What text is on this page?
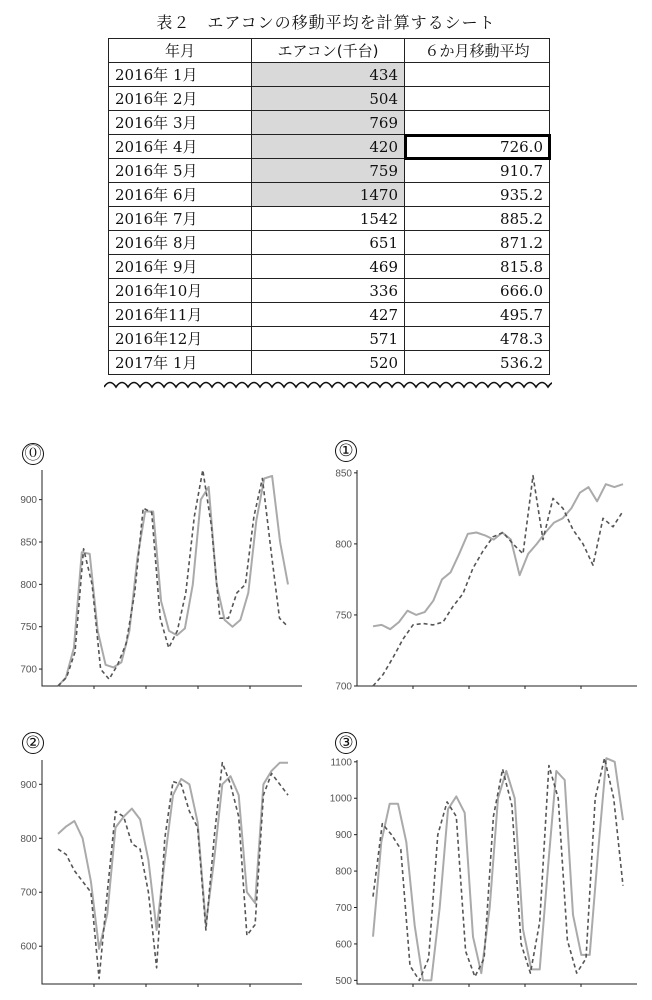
表２　エアコンの移動平均を計算するシート
年月	エアコン(千台)	６か月移動平均
2016年 1月	434	
2016年 2月	504	
2016年 3月	769	
2016年 4月	420	726.0
2016年 5月	759	910.7
2016年 6月	1470	935.2
2016年 7月	1542	885.2
2016年 8月	651	871.2
2016年 9月	469	815.8
2016年10月	336	666.0
2016年11月	427	495.7
2016年12月	571	478.3
2017年 1月	520	536.2
⓪
700
750
800
850
900
①
700
750
800
850
②
600
700
800
900
③
500
600
700
800
900
1000
1100
